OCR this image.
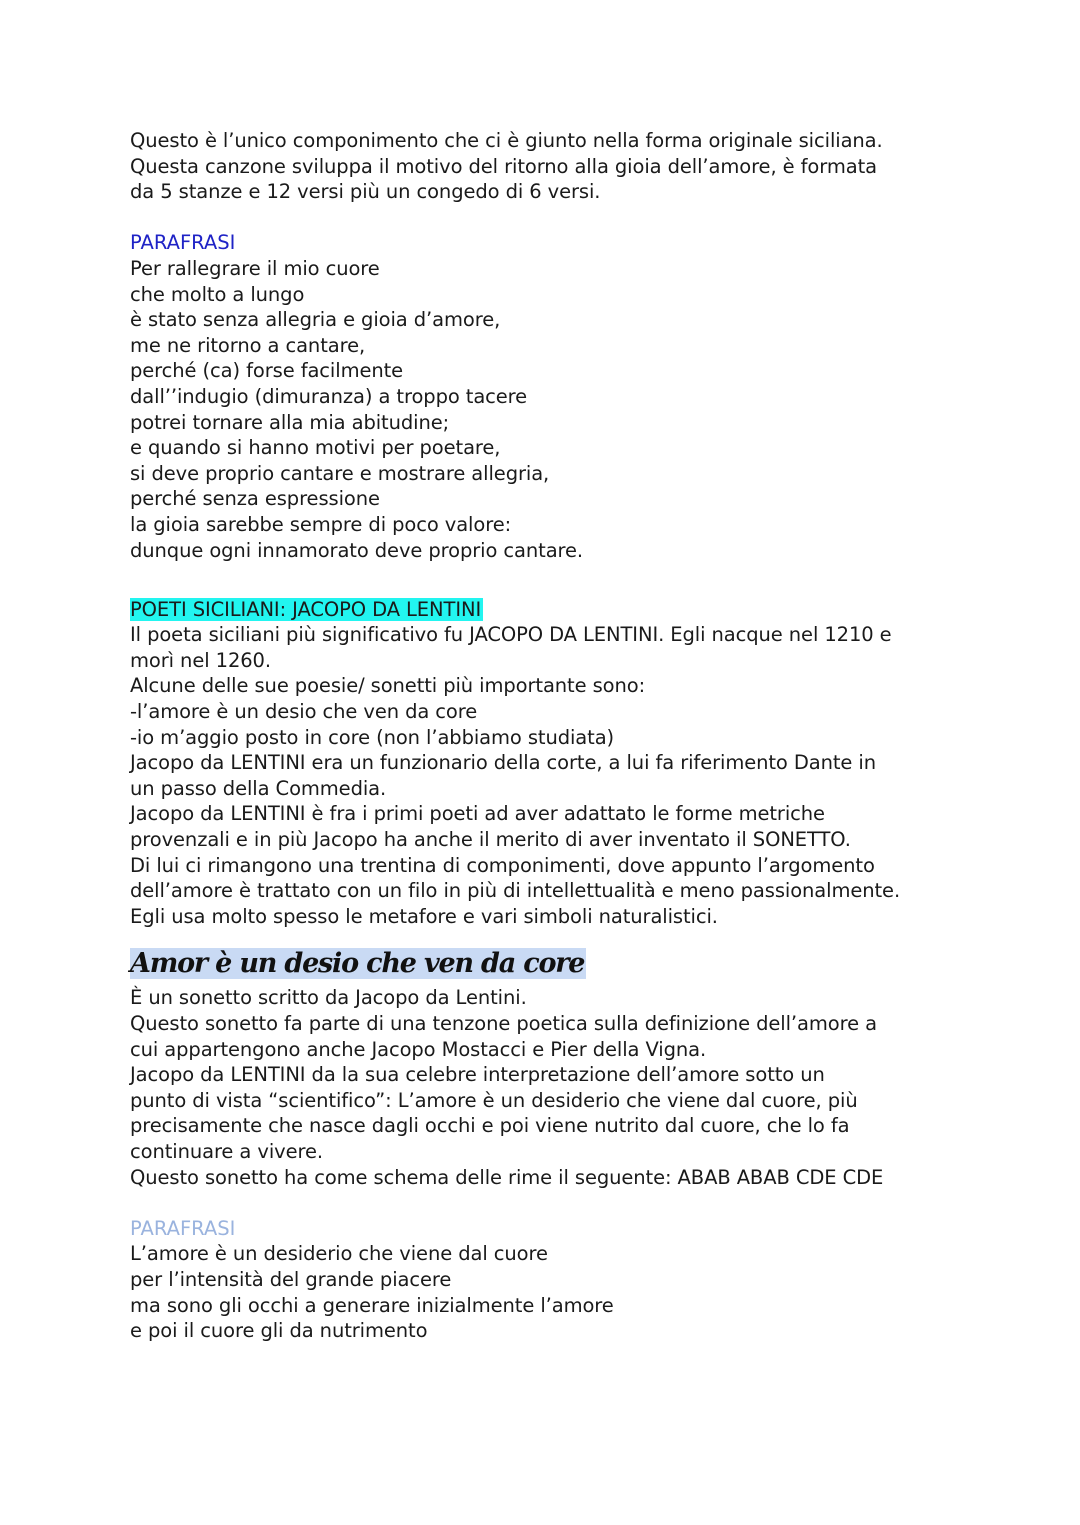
Questo è l’unico componimento che ci è giunto nella forma originale siciliana.
Questa canzone sviluppa il motivo del ritorno alla gioia dell’amore, è formata
da 5 stanze e 12 versi più un congedo di 6 versi.
PARAFRASI
Per rallegrare il mio cuore
che molto a lungo
è stato senza allegria e gioia d’amore,
me ne ritorno a cantare,
perché (ca) forse facilmente
dall’’indugio (dimuranza) a troppo tacere
potrei tornare alla mia abitudine;
e quando si hanno motivi per poetare,
si deve proprio cantare e mostrare allegria,
perché senza espressione
la gioia sarebbe sempre di poco valore:
dunque ogni innamorato deve proprio cantare.
POETI SICILIANI: JACOPO DA LENTINI
Il poeta siciliani più significativo fu JACOPO DA LENTINI. Egli nacque nel 1210 e
morì nel 1260.
Alcune delle sue poesie/ sonetti più importante sono:
-l’amore è un desio che ven da core
-io m’aggio posto in core (non l’abbiamo studiata)
Jacopo da LENTINI era un funzionario della corte, a lui fa riferimento Dante in
un passo della Commedia.
Jacopo da LENTINI è fra i primi poeti ad aver adattato le forme metriche
provenzali e in più Jacopo ha anche il merito di aver inventato il SONETTO.
Di lui ci rimangono una trentina di componimenti, dove appunto l’argomento
dell’amore è trattato con un filo in più di intellettualità e meno passionalmente.
Egli usa molto spesso le metafore e vari simboli naturalistici.
Amor è un desio che ven da core
È un sonetto scritto da Jacopo da Lentini.
Questo sonetto fa parte di una tenzone poetica sulla definizione dell’amore a
cui appartengono anche Jacopo Mostacci e Pier della Vigna.
Jacopo da LENTINI da la sua celebre interpretazione dell’amore sotto un
punto di vista “scientifico”: L’amore è un desiderio che viene dal cuore, più
precisamente che nasce dagli occhi e poi viene nutrito dal cuore, che lo fa
continuare a vivere.
Questo sonetto ha come schema delle rime il seguente: ABAB ABAB CDE CDE
PARAFRASI
L’amore è un desiderio che viene dal cuore
per l’intensità del grande piacere
ma sono gli occhi a generare inizialmente l’amore
e poi il cuore gli da nutrimento
